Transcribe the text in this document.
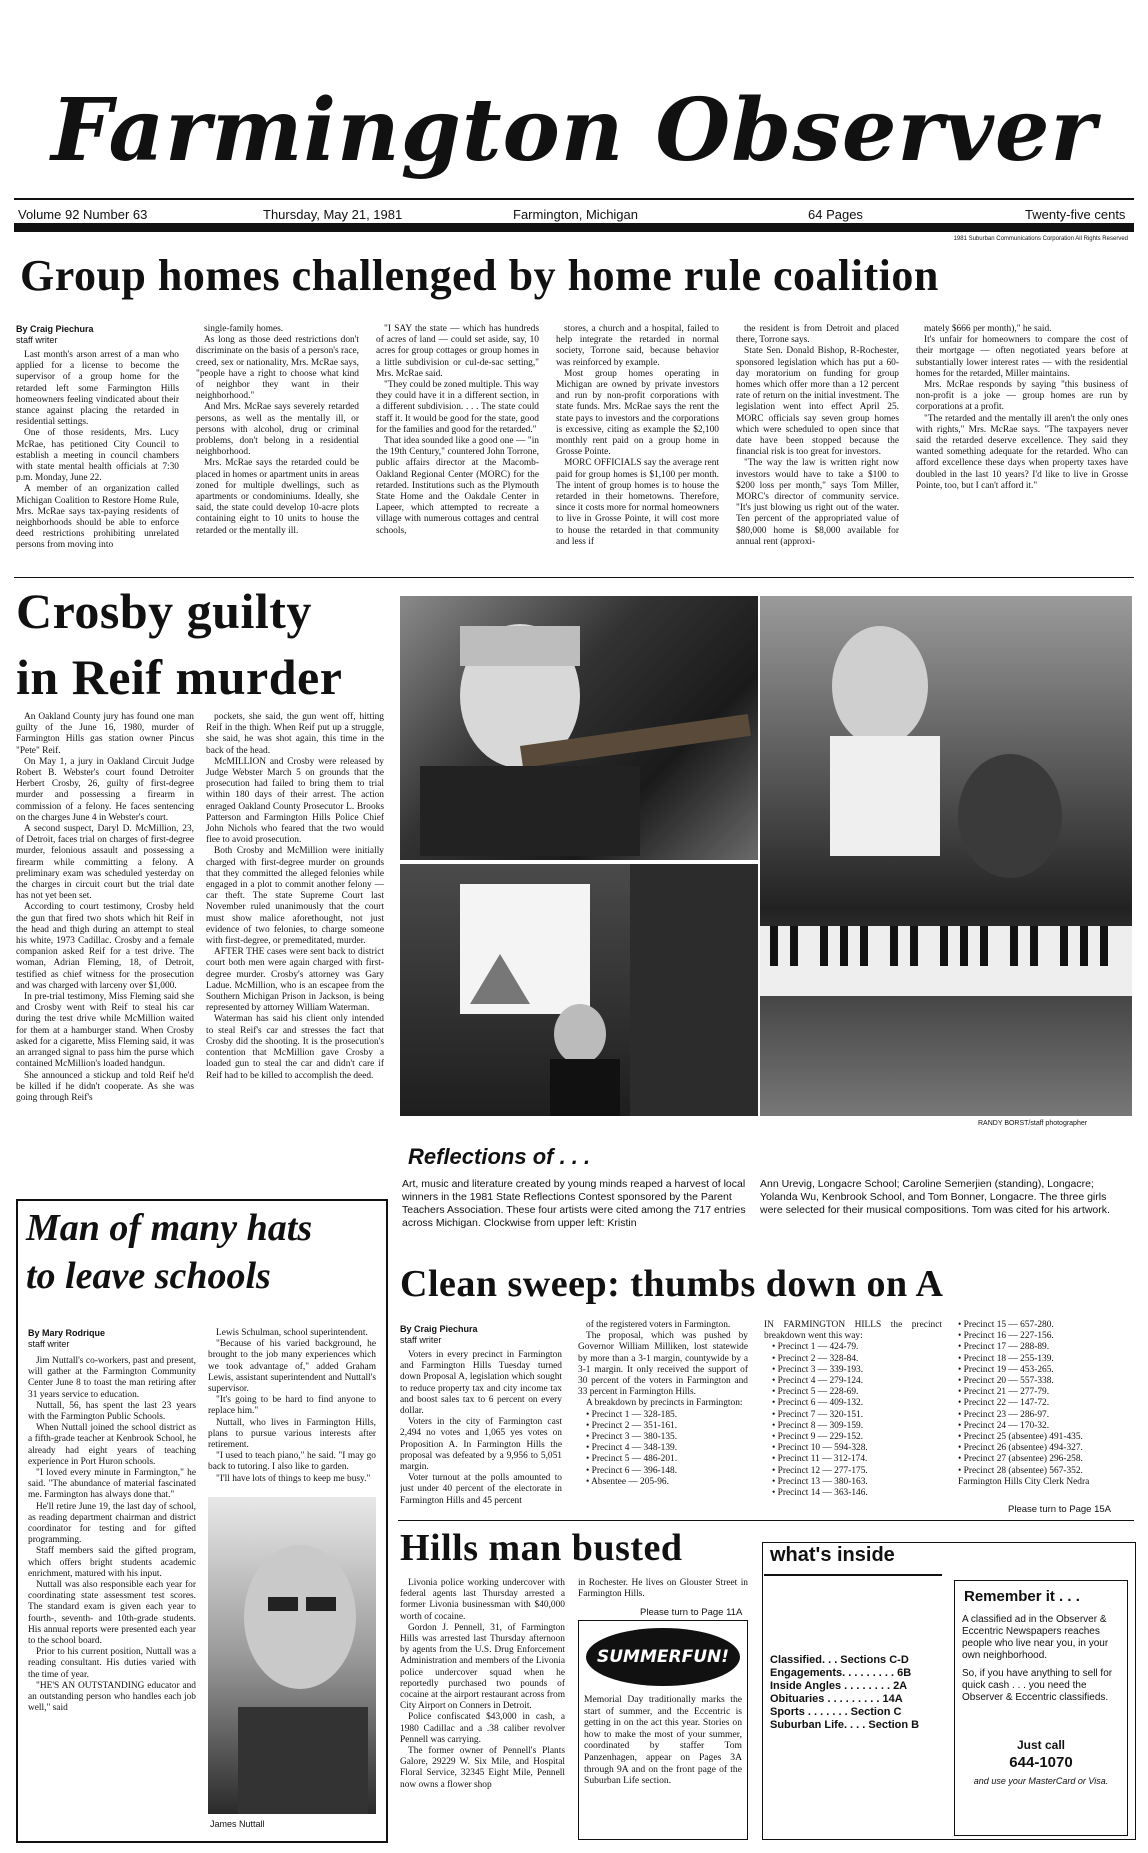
Farmington Observer
Volume 92 Number 63	Thursday, May 21, 1981	Farmington, Michigan	64 Pages	Twenty-five cents
1981 Suburban Communications Corporation All Rights Reserved
Group homes challenged by home rule coalition
By Craig Piechura
staff writer

Last month's arson arrest of a man who applied for a license to become the supervisor of a group home for the retarded left some Farmington Hills homeowners feeling vindicated about their stance against placing the retarded in residential settings.

One of those residents, Mrs. Lucy McRae, has petitioned City Council to establish a meeting in council chambers with state mental health officials at 7:30 p.m. Monday, June 22.

A member of an organization called Michigan Coalition to Restore Home Rule, Mrs. McRae says tax-paying residents of neighborhoods should be able to enforce deed restrictions prohibiting unrelated persons from moving into

single-family homes.

As long as those deed restrictions don't discriminate on the basis of a person's race, creed, sex or nationality, Mrs. McRae says, "people have a right to choose what kind of neighbor they want in their neighborhood."

And Mrs. McRae says severely retarded persons, as well as the mentally ill, or persons with alcohol, drug or criminal problems, don't belong in a residential neighborhood.

Mrs. McRae says the retarded could be placed in homes or apartment units in areas zoned for multiple dwellings, such as apartments or condominiums. Ideally, she said, the state could develop 10-acre plots containing eight to 10 units to house the retarded or the mentally ill.

"I SAY the state — which has hundreds of acres of land — could set aside, say, 10 acres for group cottages or group homes in a little subdivision or cul-de-sac setting," Mrs. McRae said.

"They could be zoned multiple. This way they could have it in a different section, in a different subdivision. . . . The state could staff it. It would be good for the state, good for the families and good for the retarded."

That idea sounded like a good one — "in the 19th Century," countered John Torrone, public affairs director at the Macomb-Oakland Regional Center (MORC) for the retarded. Institutions such as the Plymouth State Home and the Oakdale Center in Lapeer, which attempted to recreate a village with numerous cottages and central schools,

stores, a church and a hospital, failed to help integrate the retarded in normal society, Torrone said, because behavior was reinforced by example.

Most group homes operating in Michigan are owned by private investors and run by non-profit corporations with state funds. Mrs. McRae says the rent the state pays to investors and the corporations is excessive, citing as example the $2,100 monthly rent paid on a group home in Grosse Pointe.

MORC OFFICIALS say the average rent paid for group homes is $1,100 per month. The intent of group homes is to house the retarded in their hometowns. Therefore, since it costs more for normal homeowners to live in Grosse Pointe, it will cost more to house the retarded in that community and less if

the resident is from Detroit and placed there, Torrone says.

State Sen. Donald Bishop, R-Rochester, sponsored legislation which has put a 60-day moratorium on funding for group homes which offer more than a 12 percent rate of return on the initial investment. The legislation went into effect April 25. MORC officials say seven group homes which were scheduled to open since that date have been stopped because the financial risk is too great for investors.

"The way the law is written right now investors would have to take a $100 to $200 loss per month," says Tom Miller, MORC's director of community service. "It's just blowing us right out of the water. Ten percent of the appropriated value of $80,000 home is $8,000 available for annual rent (approxi-

mately $666 per month)," he said.

It's unfair for homeowners to compare the cost of their mortgage — often negotiated years before at substantially lower interest rates — with the residential homes for the retarded, Miller maintains.

Mrs. McRae responds by saying "this business of non-profit is a joke — group homes are run by corporations at a profit.

"The retarded and the mentally ill aren't the only ones with rights," Mrs. McRae says. "The taxpayers never said the retarded deserve excellence. They said they wanted something adequate for the retarded. Who can afford excellence these days when property taxes have doubled in the last 10 years? I'd like to live in Grosse Pointe, too, but I can't afford it."

Crosby guilty
in Reif murder

An Oakland County jury has found one man guilty of the June 16, 1980, murder of Farmington Hills gas station owner Pincus "Pete" Reif.

On May 1, a jury in Oakland Circuit Judge Robert B. Webster's court found Detroiter Herbert Crosby, 26, guilty of first-degree murder and possessing a firearm in commission of a felony. He faces sentencing on the charges June 4 in Webster's court.

A second suspect, Daryl D. McMillion, 23, of Detroit, faces trial on charges of first-degree murder, felonious assault and possessing a firearm while committing a felony. A preliminary exam was scheduled yesterday on the charges in circuit court but the trial date has not yet been set.

According to court testimony, Crosby held the gun that fired two shots which hit Reif in the head and thigh during an attempt to steal his white, 1973 Cadillac. Crosby and a female companion asked Reif for a test drive. The woman, Adrian Fleming, 18, of Detroit, testified as chief witness for the prosecution and was charged with larceny over $1,000.

In pre-trial testimony, Miss Fleming said she and Crosby went with Reif to steal his car during the test drive while McMillion waited for them at a hamburger stand. When Crosby asked for a cigarette, Miss Fleming said, it was an arranged signal to pass him the purse which contained McMillion's loaded handgun.

She announced a stickup and told Reif he'd be killed if he didn't cooperate. As she was going through Reif's

pockets, she said, the gun went off, hitting Reif in the thigh. When Reif put up a struggle, she said, he was shot again, this time in the back of the head.

McMILLION and Crosby were released by Judge Webster March 5 on grounds that the prosecution had failed to bring them to trial within 180 days of their arrest. The action enraged Oakland County Prosecutor L. Brooks Patterson and Farmington Hills Police Chief John Nichols who feared that the two would flee to avoid prosecution.

Both Crosby and McMillion were initially charged with first-degree murder on grounds that they committed the alleged felonies while engaged in a plot to commit another felony — car theft. The state Supreme Court last November ruled unanimously that the court must show malice aforethought, not just evidence of two felonies, to charge someone with first-degree, or premeditated, murder.

AFTER THE cases were sent back to district court both men were again charged with first-degree murder. Crosby's attorney was Gary Ladue. McMillion, who is an escapee from the Southern Michigan Prison in Jackson, is being represented by attorney William Waterman.

Waterman has said his client only intended to steal Reif's car and stresses the fact that Crosby did the shooting. It is the prosecution's contention that McMillion gave Crosby a loaded gun to steal the car and didn't care if Reif had to be killed to accomplish the deed.

RANDY BORST/staff photographer
Reflections of . . .
Art, music and literature created by young minds reaped a harvest of local winners in the 1981 State Reflections Contest sponsored by the Parent Teachers Association. These four artists were cited among the 717 entries across Michigan. Clockwise from upper left: Kristin
Ann Urevig, Longacre School; Caroline Semerjien (standing), Longacre; Yolanda Wu, Kenbrook School, and Tom Bonner, Longacre. The three girls were selected for their musical compositions. Tom was cited for his artwork.
Man of many hats
to leave schools
By Mary Rodrique
staff writer

Jim Nuttall's co-workers, past and present, will gather at the Farmington Community Center June 8 to toast the man retiring after 31 years service to education.

Nuttall, 56, has spent the last 23 years with the Farmington Public Schools.

When Nuttall joined the school district as a fifth-grade teacher at Kenbrook School, he already had eight years of teaching experience in Port Huron schools.

"I loved every minute in Farmington," he said. "The abundance of material fascinated me. Farmington has always done that."

He'll retire June 19, the last day of school, as reading department chairman and district coordinator for testing and for gifted programming.

Staff members said the gifted program, which offers bright students academic enrichment, matured with his input.

Nuttall was also responsible each year for coordinating state assessment test scores. The standard exam is given each year to fourth-, seventh- and 10th-grade students. His annual reports were presented each year to the school board.

Prior to his current position, Nuttall was a reading consultant. His duties varied with the time of year.

"HE'S AN OUTSTANDING educator and an outstanding person who handles each job well," said

Lewis Schulman, school superintendent.

"Because of his varied background, he brought to the job many experiences which we took advantage of," added Graham Lewis, assistant superintendent and Nuttall's supervisor.

"It's going to be hard to find anyone to replace him."

Nuttall, who lives in Farmington Hills, plans to pursue various interests after retirement.

"I used to teach piano," he said. "I may go back to tutoring. I also like to garden.

"I'll have lots of things to keep me busy."

James Nuttall
Clean sweep: thumbs down on A
By Craig Piechura
staff writer

Voters in every precinct in Farmington and Farmington Hills Tuesday turned down Proposal A, legislation which sought to reduce property tax and city income tax and boost sales tax to 6 percent on every dollar.

Voters in the city of Farmington cast 2,494 no votes and 1,065 yes votes on Proposition A. In Farmington Hills the proposal was defeated by a 9,956 to 5,051 margin.

Voter turnout at the polls amounted to just under 40 percent of the electorate in Farmington Hills and 45 percent

of the registered voters in Farmington.

The proposal, which was pushed by Governor William Milliken, lost statewide by more than a 3-1 margin, countywide by a 3-1 margin. It only received the support of 30 percent of the voters in Farmington and 33 percent in Farmington Hills.

A breakdown by precincts in Farmington:

• Precinct 1 — 328-185.
• Precinct 2 — 351-161.
• Precinct 3 — 380-135.
• Precinct 4 — 348-139.
• Precinct 5 — 486-201.
• Precinct 6 — 396-148.
• Absentee — 205-96.
IN FARMINGTON HILLS the precinct breakdown went this way:
• Precinct 1 — 424-79.
• Precinct 2 — 328-84.
• Precinct 3 — 339-193.
• Precinct 4 — 279-124.
• Precinct 5 — 228-69.
• Precinct 6 — 409-132.
• Precinct 7 — 320-151.
• Precinct 8 — 309-159.
• Precinct 9 — 229-152.
• Precinct 10 — 594-328.
• Precinct 11 — 312-174.
• Precinct 12 — 277-175.
• Precinct 13 — 380-163.
• Precinct 14 — 363-146.
• Precinct 15 — 657-280.
• Precinct 16 — 227-156.
• Precinct 17 — 288-89.
• Precinct 18 — 255-139.
• Precinct 19 — 453-265.
• Precinct 20 — 557-338.
• Precinct 21 — 277-79.
• Precinct 22 — 147-72.
• Precinct 23 — 286-97.
• Precinct 24 — 170-32.
• Precinct 25 (absentee) 491-435.
• Precinct 26 (absentee) 494-327.
• Precinct 27 (absentee) 296-258.
• Precinct 28 (absentee) 567-352.
Farmington Hills City Clerk Nedra
Please turn to Page 15A
Hills man busted

Livonia police working undercover with federal agents last Thursday arrested a former Livonia businessman with $40,000 worth of cocaine.

Gordon J. Pennell, 31, of Farmington Hills was arrested last Thursday afternoon by agents from the U.S. Drug Enforcement Administration and members of the Livonia police undercover squad when he reportedly purchased two pounds of cocaine at the airport restaurant across from City Airport on Conners in Detroit.

Police confiscated $43,000 in cash, a 1980 Cadillac and a .38 caliber revolver Pennell was carrying.

The former owner of Pennell's Plants Galore, 29229 W. Six Mile, and Hospital Floral Service, 32345 Eight Mile, Pennell now owns a flower shop

in Rochester. He lives on Glouster Street in Farmington Hills.
Please turn to Page 11A
SUMMERFUN!
Memorial Day traditionally marks the start of summer, and the Eccentric is getting in on the act this year. Stories on how to make the most of your summer, coordinated by staffer Tom Panzenhagen, appear on Pages 3A through 9A and on the front page of the Suburban Life section.
what's inside
Classified. . . Sections C-D
Engagements. . . . . . . . . 6B
Inside Angles . . . . . . . . 2A
Obituaries . . . . . . . . . 14A
Sports . . . . . . . Section C
Suburban Life. . . . Section B
Remember it . . .
A classified ad in the Observer & Eccentric Newspapers reaches people who live near you, in your own neighborhood.
So, if you have anything to sell for quick cash . . . you need the Observer & Eccentric classifieds.
Just call
644-1070
and use your MasterCard or Visa.
